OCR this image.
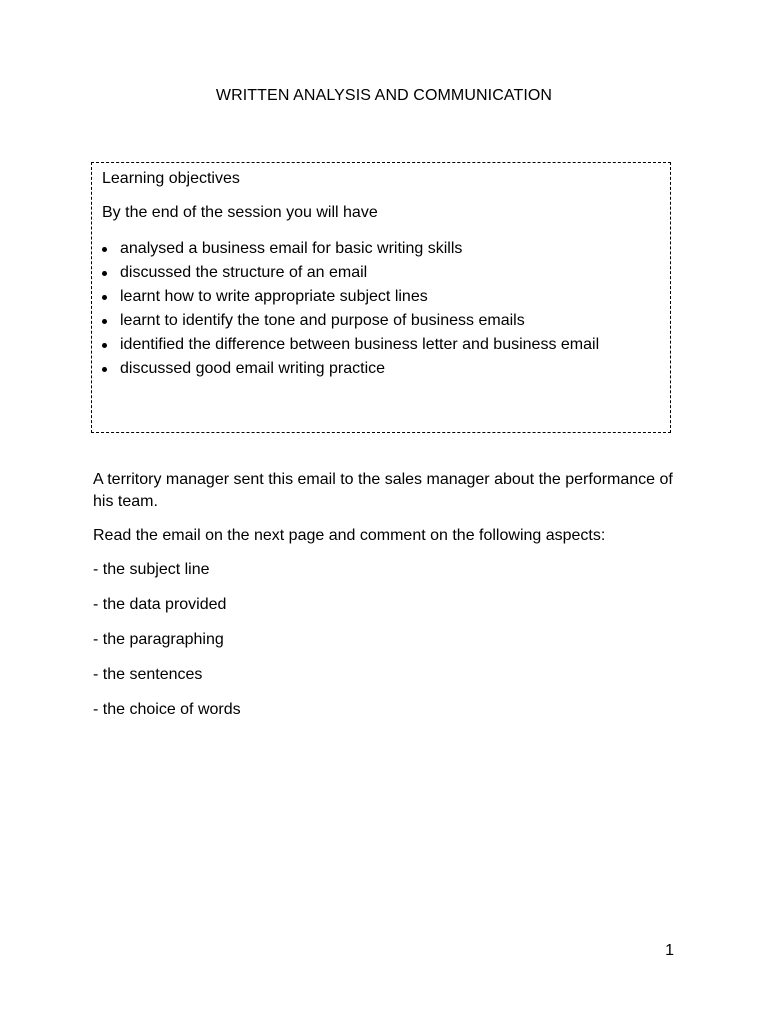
WRITTEN ANALYSIS AND COMMUNICATION
Learning objectives
By the end of the session you will have
analysed a business email for basic writing skills
discussed the structure of an email
learnt how to write appropriate subject lines
learnt to identify the tone and purpose of business emails
identified the difference between business letter and business email
discussed good email writing practice

A territory manager sent this email to the sales manager about the performance of his team.

Read the email on the next page and comment on the following aspects:

- the subject line
- the data provided
- the paragraphing
- the sentences
- the choice of words
1
